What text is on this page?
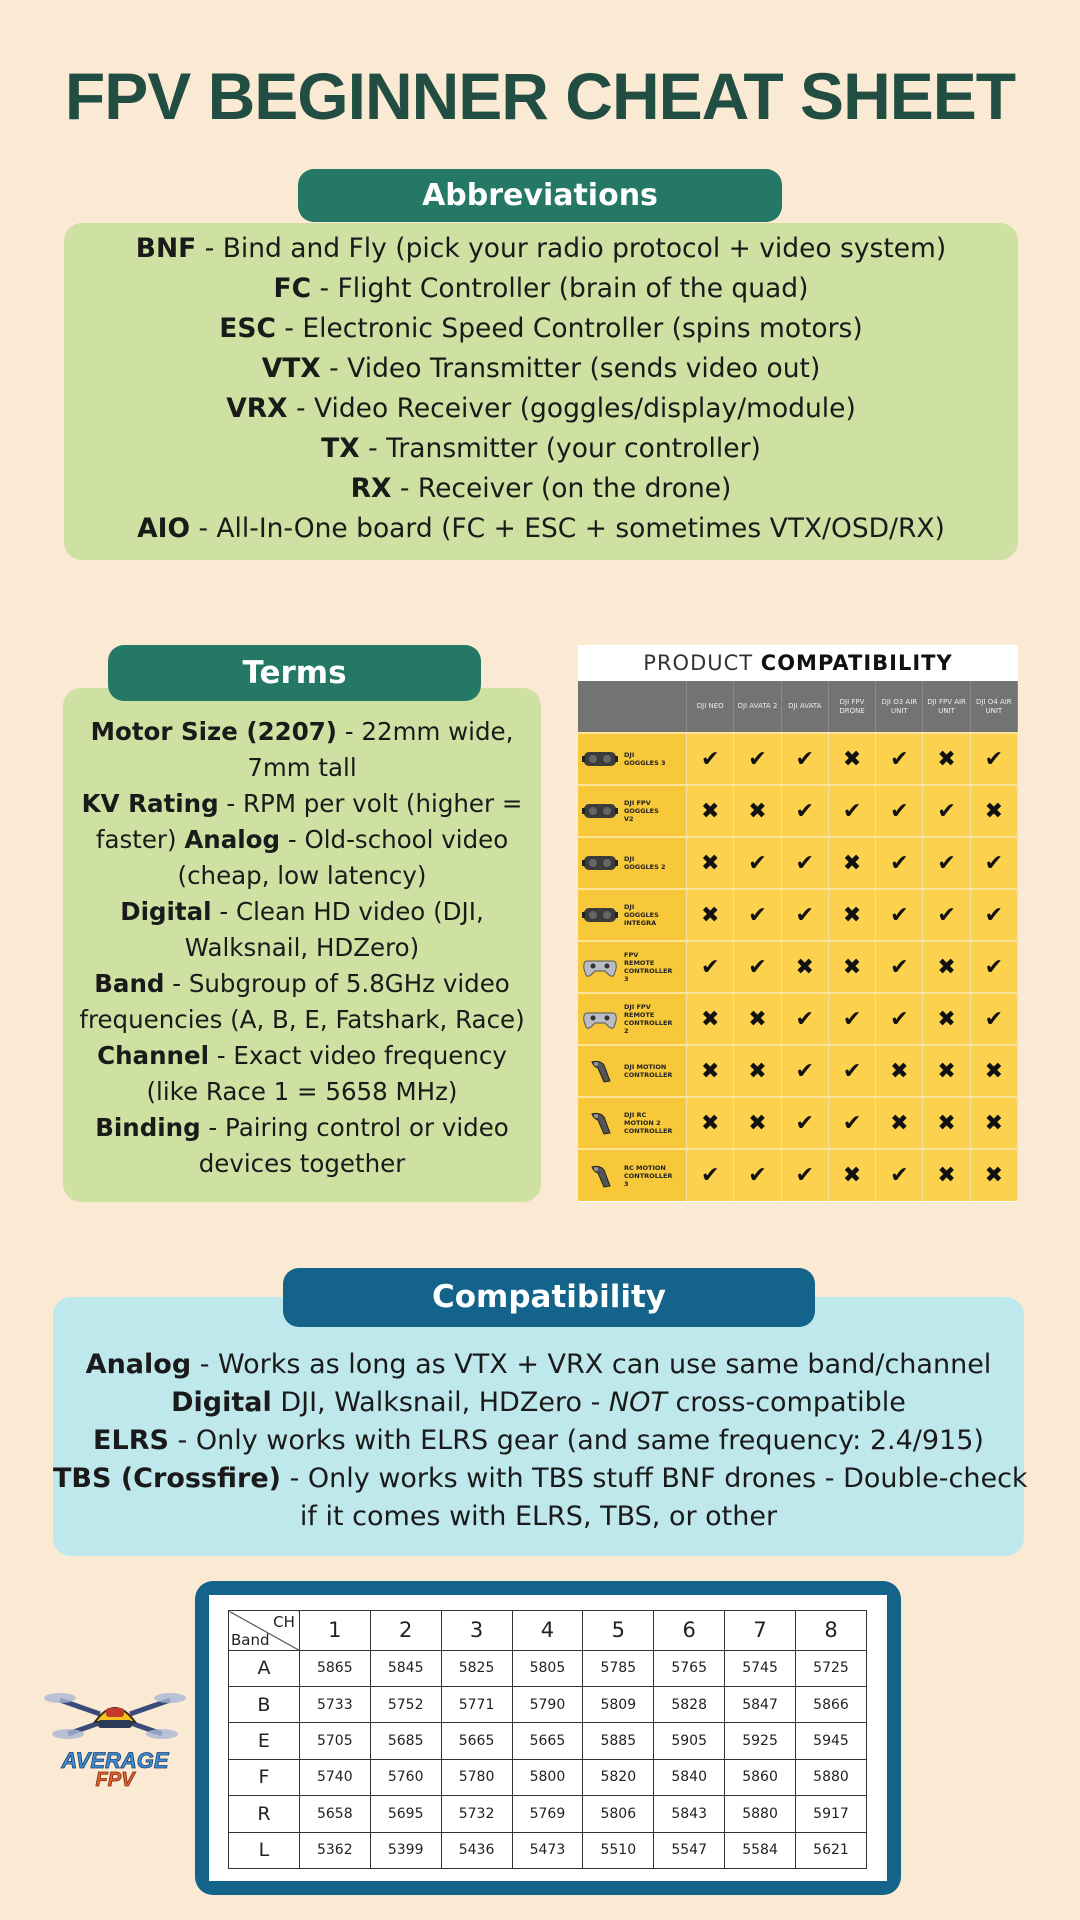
FPV BEGINNER CHEAT SHEET
Abbreviations

BNF - Bind and Fly (pick your radio protocol + video system)

FC - Flight Controller (brain of the quad)

ESC - Electronic Speed Controller (spins motors)

VTX - Video Transmitter (sends video out)

VRX - Video Receiver (goggles/display/module)

TX - Transmitter (your controller)

RX - Receiver (on the drone)

AIO - All-In-One board (FC + ESC + sometimes VTX/OSD/RX)

Terms

Motor Size (2207) - 22mm wide, 7mm tall

KV Rating - RPM per volt (higher = faster) Analog - Old-school video (cheap, low latency)

Digital - Clean HD video (DJI, Walksnail, HDZero)

Band - Subgroup of 5.8GHz video frequencies (A, B, E, Fatshark, Race)

Channel - Exact video frequency (like Race 1 = 5658 MHz)

Binding - Pairing control or video devices together

PRODUCT COMPATIBILITY
	DJI NEO	DJI AVATA 2	DJI AVATA	DJI FPV DRONE	DJI O3 AIR UNIT	DJI FPV AIR UNIT	DJI O4 AIR UNIT

DJI GOGGLES 3	✔	✔	✔	✖	✔	✖	✔

DJI FPV GOGGLES V2	✖	✖	✔	✔	✔	✔	✖

DJI GOGGLES 2	✖	✔	✔	✖	✔	✔	✔

DJI GOGGLES INTEGRA	✖	✔	✔	✖	✔	✔	✔

FPV REMOTE CONTROLLER 3	✔	✔	✖	✖	✔	✖	✔

DJI FPV REMOTE CONTROLLER 2	✖	✖	✔	✔	✔	✖	✔

DJI MOTION CONTROLLER	✖	✖	✔	✔	✖	✖	✖

DJI RC MOTION 2 CONTROLLER	✖	✖	✔	✔	✖	✖	✖

RC MOTION CONTROLLER 3	✔	✔	✔	✖	✔	✖	✖
Compatibility

Analog - Works as long as VTX + VRX can use same band/channel

Digital DJI, Walksnail, HDZero - NOT cross-compatible

ELRS - Only works with ELRS gear (and same frequency: 2.4/915)

TBS (Crossfire) - Only works with TBS stuff BNF drones - Double-check

if it comes with ELRS, TBS, or other

CH
Band	1	2	3	4	5	6	7	8
A	5865	5845	5825	5805	5785	5765	5745	5725
B	5733	5752	5771	5790	5809	5828	5847	5866
E	5705	5685	5665	5665	5885	5905	5925	5945
F	5740	5760	5780	5800	5820	5840	5860	5880
R	5658	5695	5732	5769	5806	5843	5880	5917
L	5362	5399	5436	5473	5510	5547	5584	5621
AVERAGE
FPV
